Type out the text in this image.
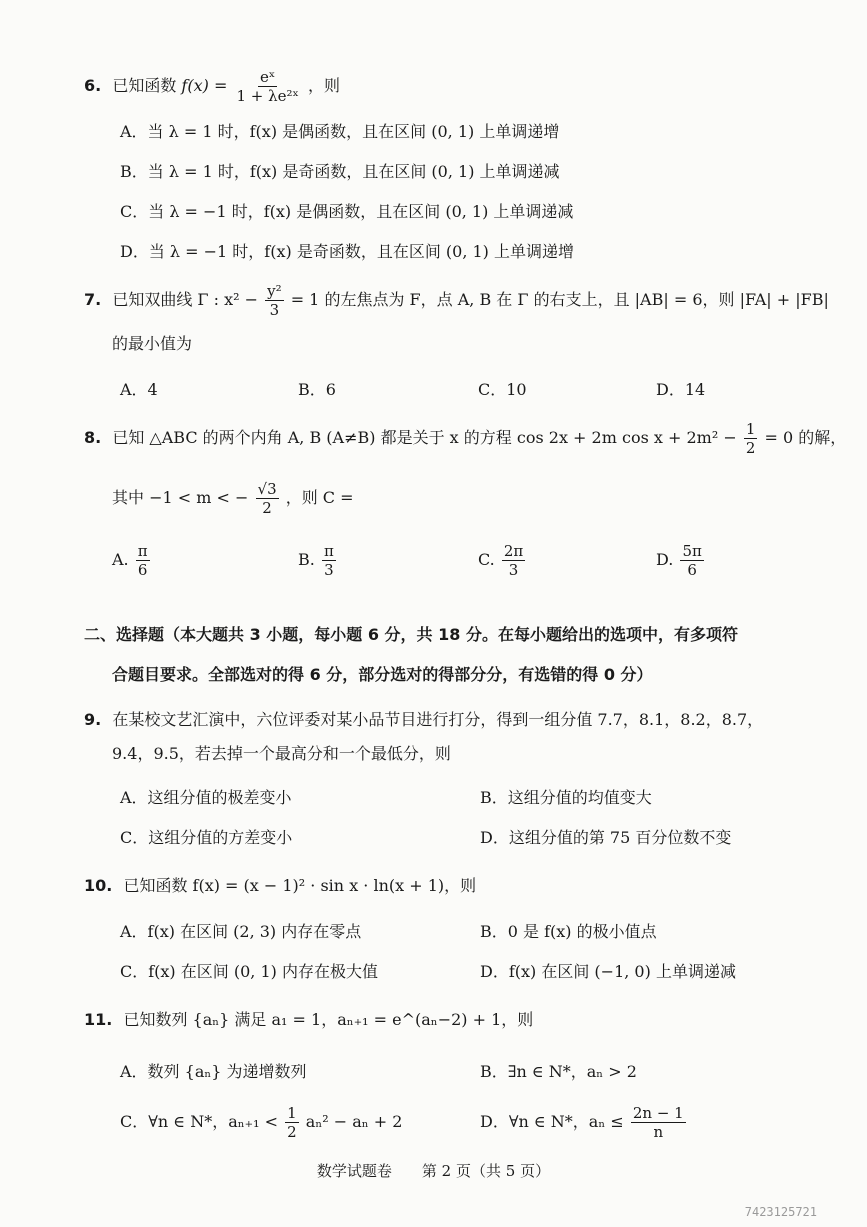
6. 已知函数 $f(x) = \frac{\text{eˣ}}{\text{1 + λe²ˣ}}$ ，则
A．当 λ = 1 时，f(x) 是偶函数，且在区间 (0, 1) 上单调递增
B．当 λ = 1 时，f(x) 是奇函数，且在区间 (0, 1) 上单调递减
C．当 λ = −1 时，f(x) 是偶函数，且在区间 (0, 1) 上单调递减
D．当 λ = −1 时，f(x) 是奇函数，且在区间 (0, 1) 上单调递增
7. 已知双曲线 Γ : $x^2 - \frac{\text{y²}}{3} = 1$ 的左焦点为 F，点 A, B 在 Γ 的右支上，且 |AB| = 6，则 |FA| + |FB|
的最小值为
A．4	B．6	C．10	D．14
8. 已知 △ABC 的两个内角 A, B (A≠B) 都是关于 x 的方程 cos 2x + 2m $\cos x + 2m^2 - \frac{1}{2} = 0$ 的解，
其中 −1 < m < − $\frac{√3}{2}$ ，则 C =
A. $\frac{\pi}{6}$	B. $\frac{\pi}{3}$	C. $\frac{2\pi}{3}$	D. $\frac{5\pi}{6}$
二、选择题（本大题共 3 小题，每小题 6 分，共 18 分。在每小题给出的选项中，有多项符
合题目要求。全部选对的得 6 分，部分选对的得部分分，有选错的得 0 分）
9. 在某校文艺汇演中，六位评委对某小品节目进行打分，得到一组分值 7.7，8.1，8.2，8.7，
9.4，9.5，若去掉一个最高分和一个最低分，则
A．这组分值的极差变小	B．这组分值的均值变大
C．这组分值的方差变小	D．这组分值的第 75 百分位数不变
10. 已知函数 f(x) = (x − 1)² · sin x · ln(x + 1)，则
A．f(x) 在区间 (2, 3) 内存在零点	B．0 是 f(x) 的极小值点
C．f(x) 在区间 (0, 1) 内存在极大值	D．f(x) 在区间 (−1, 0) 上单调递减
11. 已知数列 {aₙ} 满足 a₁ = 1，aₙ₊₁ = e^(aₙ−2) + 1，则
A．数列 {aₙ} 为递增数列	B．∃n ∈ N*，aₙ > 2
C．∀n ∈ N*，$a_{n+1} < \frac{1}{2} a_n^2 - a_n + 2$	D．∀n ∈ N*，$a_n \le \frac{2n - 1}{n}$
数学试题卷　　第 2 页（共 5 页）
7423125721
